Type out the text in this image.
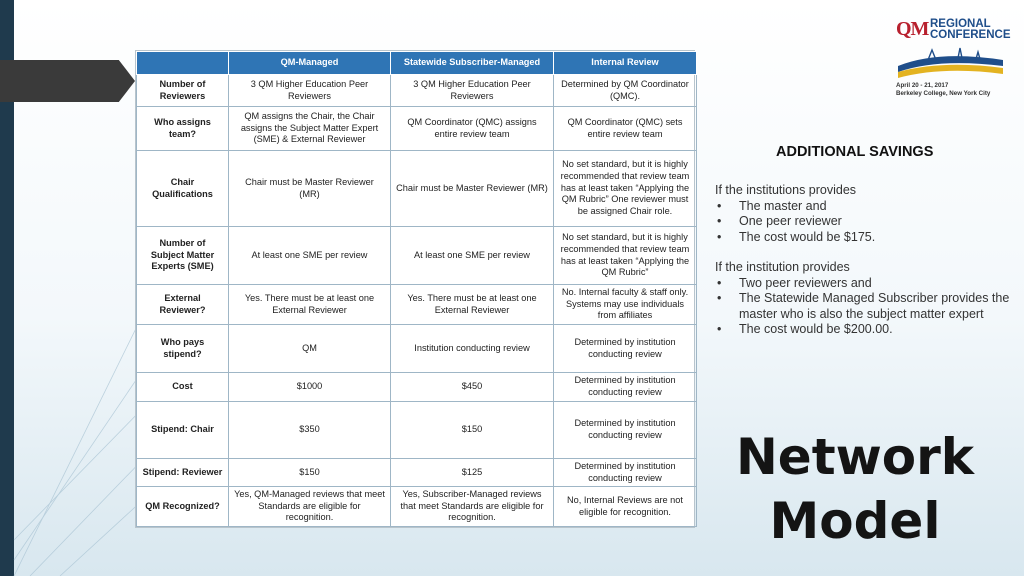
	QM-Managed	Statewide Subscriber-Managed	Internal Review
Number of Reviewers	3 QM Higher Education Peer Reviewers	3 QM Higher Education Peer Reviewers	Determined by QM Coordinator (QMC).
Who assigns team?	QM assigns the Chair, the Chair assigns the Subject Matter Expert (SME) & External Reviewer	QM Coordinator (QMC) assigns entire review team	QM Coordinator (QMC) sets entire review team
Chair Qualifications	Chair must be Master Reviewer (MR)	Chair must be Master Reviewer (MR)	No set standard, but it is highly recommended that review team has at least taken “Applying the QM Rubric” One reviewer must be assigned Chair role.
Number of Subject Matter Experts (SME)	At least one SME per review	At least one SME per review	No set standard, but it is highly recommended that review team has at least taken “Applying the QM Rubric”
External Reviewer?	Yes. There must be at least one External Reviewer	Yes. There must be at least one External Reviewer	No. Internal faculty & staff only. Systems may use individuals from affiliates
Who pays stipend?	QM	Institution conducting review	Determined by institution conducting review
Cost	$1000	$450	Determined by institution conducting review
Stipend: Chair	$350	$150	Determined by institution conducting review
Stipend: Reviewer	$150	$125	Determined by institution conducting review
QM Recognized?	Yes, QM-Managed reviews that meet Standards are eligible for recognition.	Yes, Subscriber-Managed reviews that meet Standards are eligible for recognition.	No, Internal Reviews are not eligible for recognition.
QM REGIONAL
CONFERENCE
April 20 - 21, 2017
Berkeley College, New York City
ADDITIONAL SAVINGS

If the institutions provides

• The master and
• One peer reviewer
• The cost would be $175.

If the institution provides

• Two peer reviewers and
• The Statewide Managed Subscriber provides the master who is also the subject matter expert
• The cost would be $200.00.
Network
Model
